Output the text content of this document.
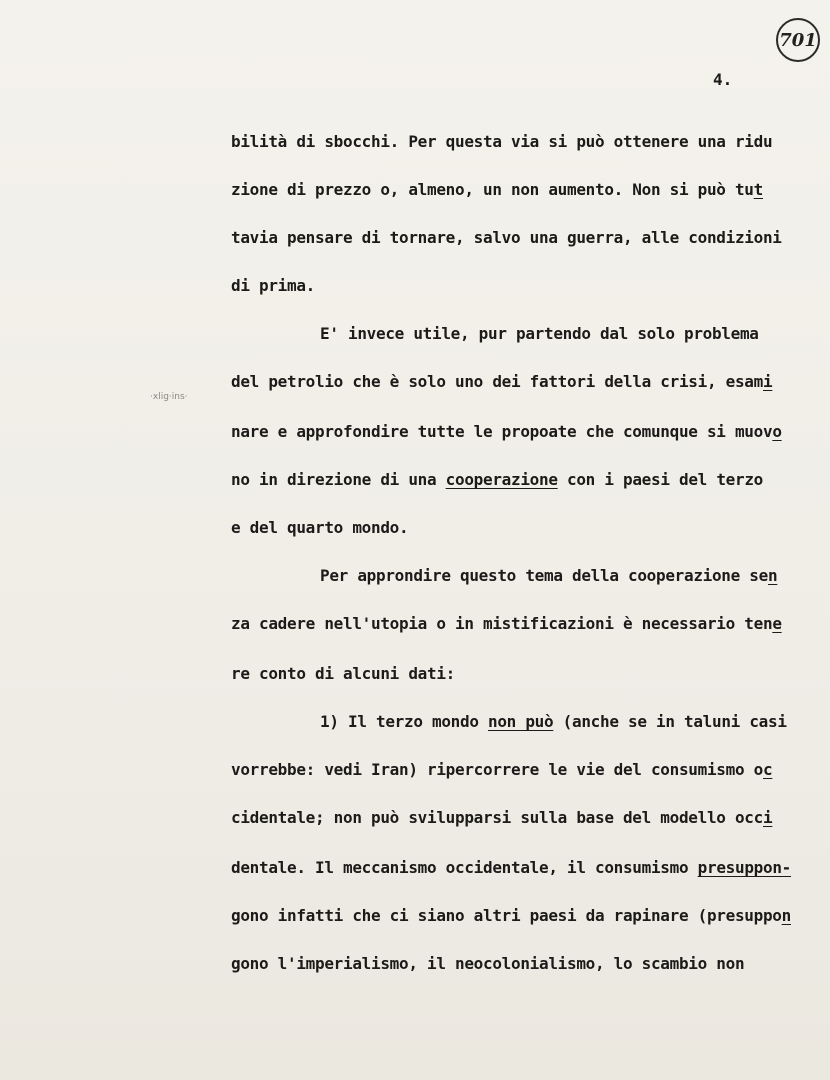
701
4.
·xlig·ins·
bilità di sbocchi. Per questa via si può ottenere una ridu
zione di prezzo o, almeno, un non aumento. Non si può tut
tavia pensare di tornare, salvo una guerra, alle condizioni
di prima.
E' invece utile, pur partendo dal solo problema
del petrolio che è solo uno dei fattori della crisi, esami
nare e approfondire tutte le propoate che comunque si muovo
no in direzione di una cooperazione con i paesi del terzo
e del quarto mondo.
Per approndire questo tema della cooperazione sen
za cadere nell'utopia o in mistificazioni è necessario tene
re conto di alcuni dati:
1) Il terzo mondo non può (anche se in taluni casi
vorrebbe: vedi Iran) ripercorrere le vie del consumismo oc
cidentale; non può svilupparsi sulla base del modello occi
dentale. Il meccanismo occidentale, il consumismo presuppon-
gono infatti che ci siano altri paesi da rapinare (presuppon
gono l'imperialismo, il neocolonialismo, lo scambio non
